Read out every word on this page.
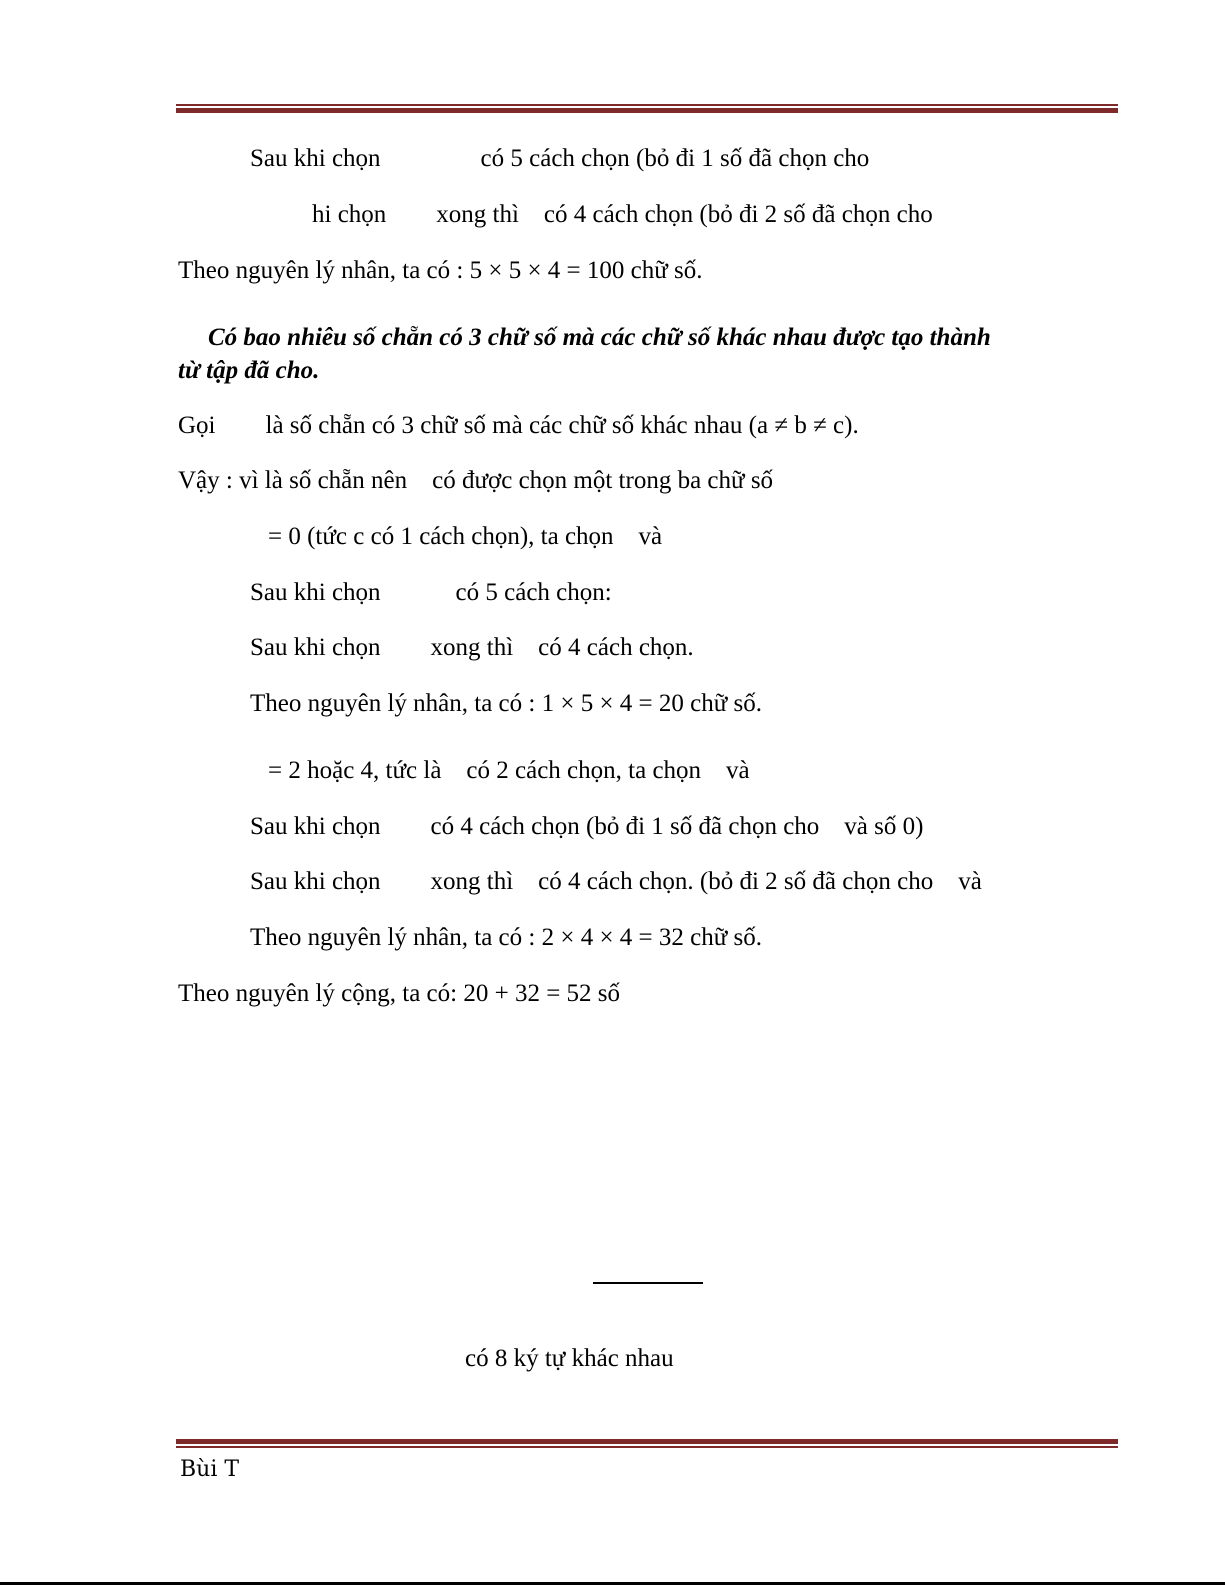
Sau khi chọn                có 5 cách chọn (bỏ đi 1 số đã chọn cho
hi chọn        xong thì    có 4 cách chọn (bỏ đi 2 số đã chọn cho
Theo nguyên lý nhân, ta có : 5 × 5 × 4 = 100 chữ số.
Có bao nhiêu số chẵn có 3 chữ số mà các chữ số khác nhau được tạo thành
từ tập đã cho.
Gọi        là số chẵn có 3 chữ số mà các chữ số khác nhau (a ≠ b ≠ c).
Vậy : vì là số chẵn nên    có được chọn một trong ba chữ số
= 0 (tức c có 1 cách chọn), ta chọn    và
Sau khi chọn            có 5 cách chọn:
Sau khi chọn        xong thì    có 4 cách chọn.
Theo nguyên lý nhân, ta có : 1 × 5 × 4 = 20 chữ số.
= 2 hoặc 4, tức là    có 2 cách chọn, ta chọn    và
Sau khi chọn        có 4 cách chọn (bỏ đi 1 số đã chọn cho    và số 0)
Sau khi chọn        xong thì    có 4 cách chọn. (bỏ đi 2 số đã chọn cho    và
Theo nguyên lý nhân, ta có : 2 × 4 × 4 = 32 chữ số.
Theo nguyên lý cộng, ta có: 20 + 32 = 52 số
có 8 ký tự khác nhau
Bùi T
